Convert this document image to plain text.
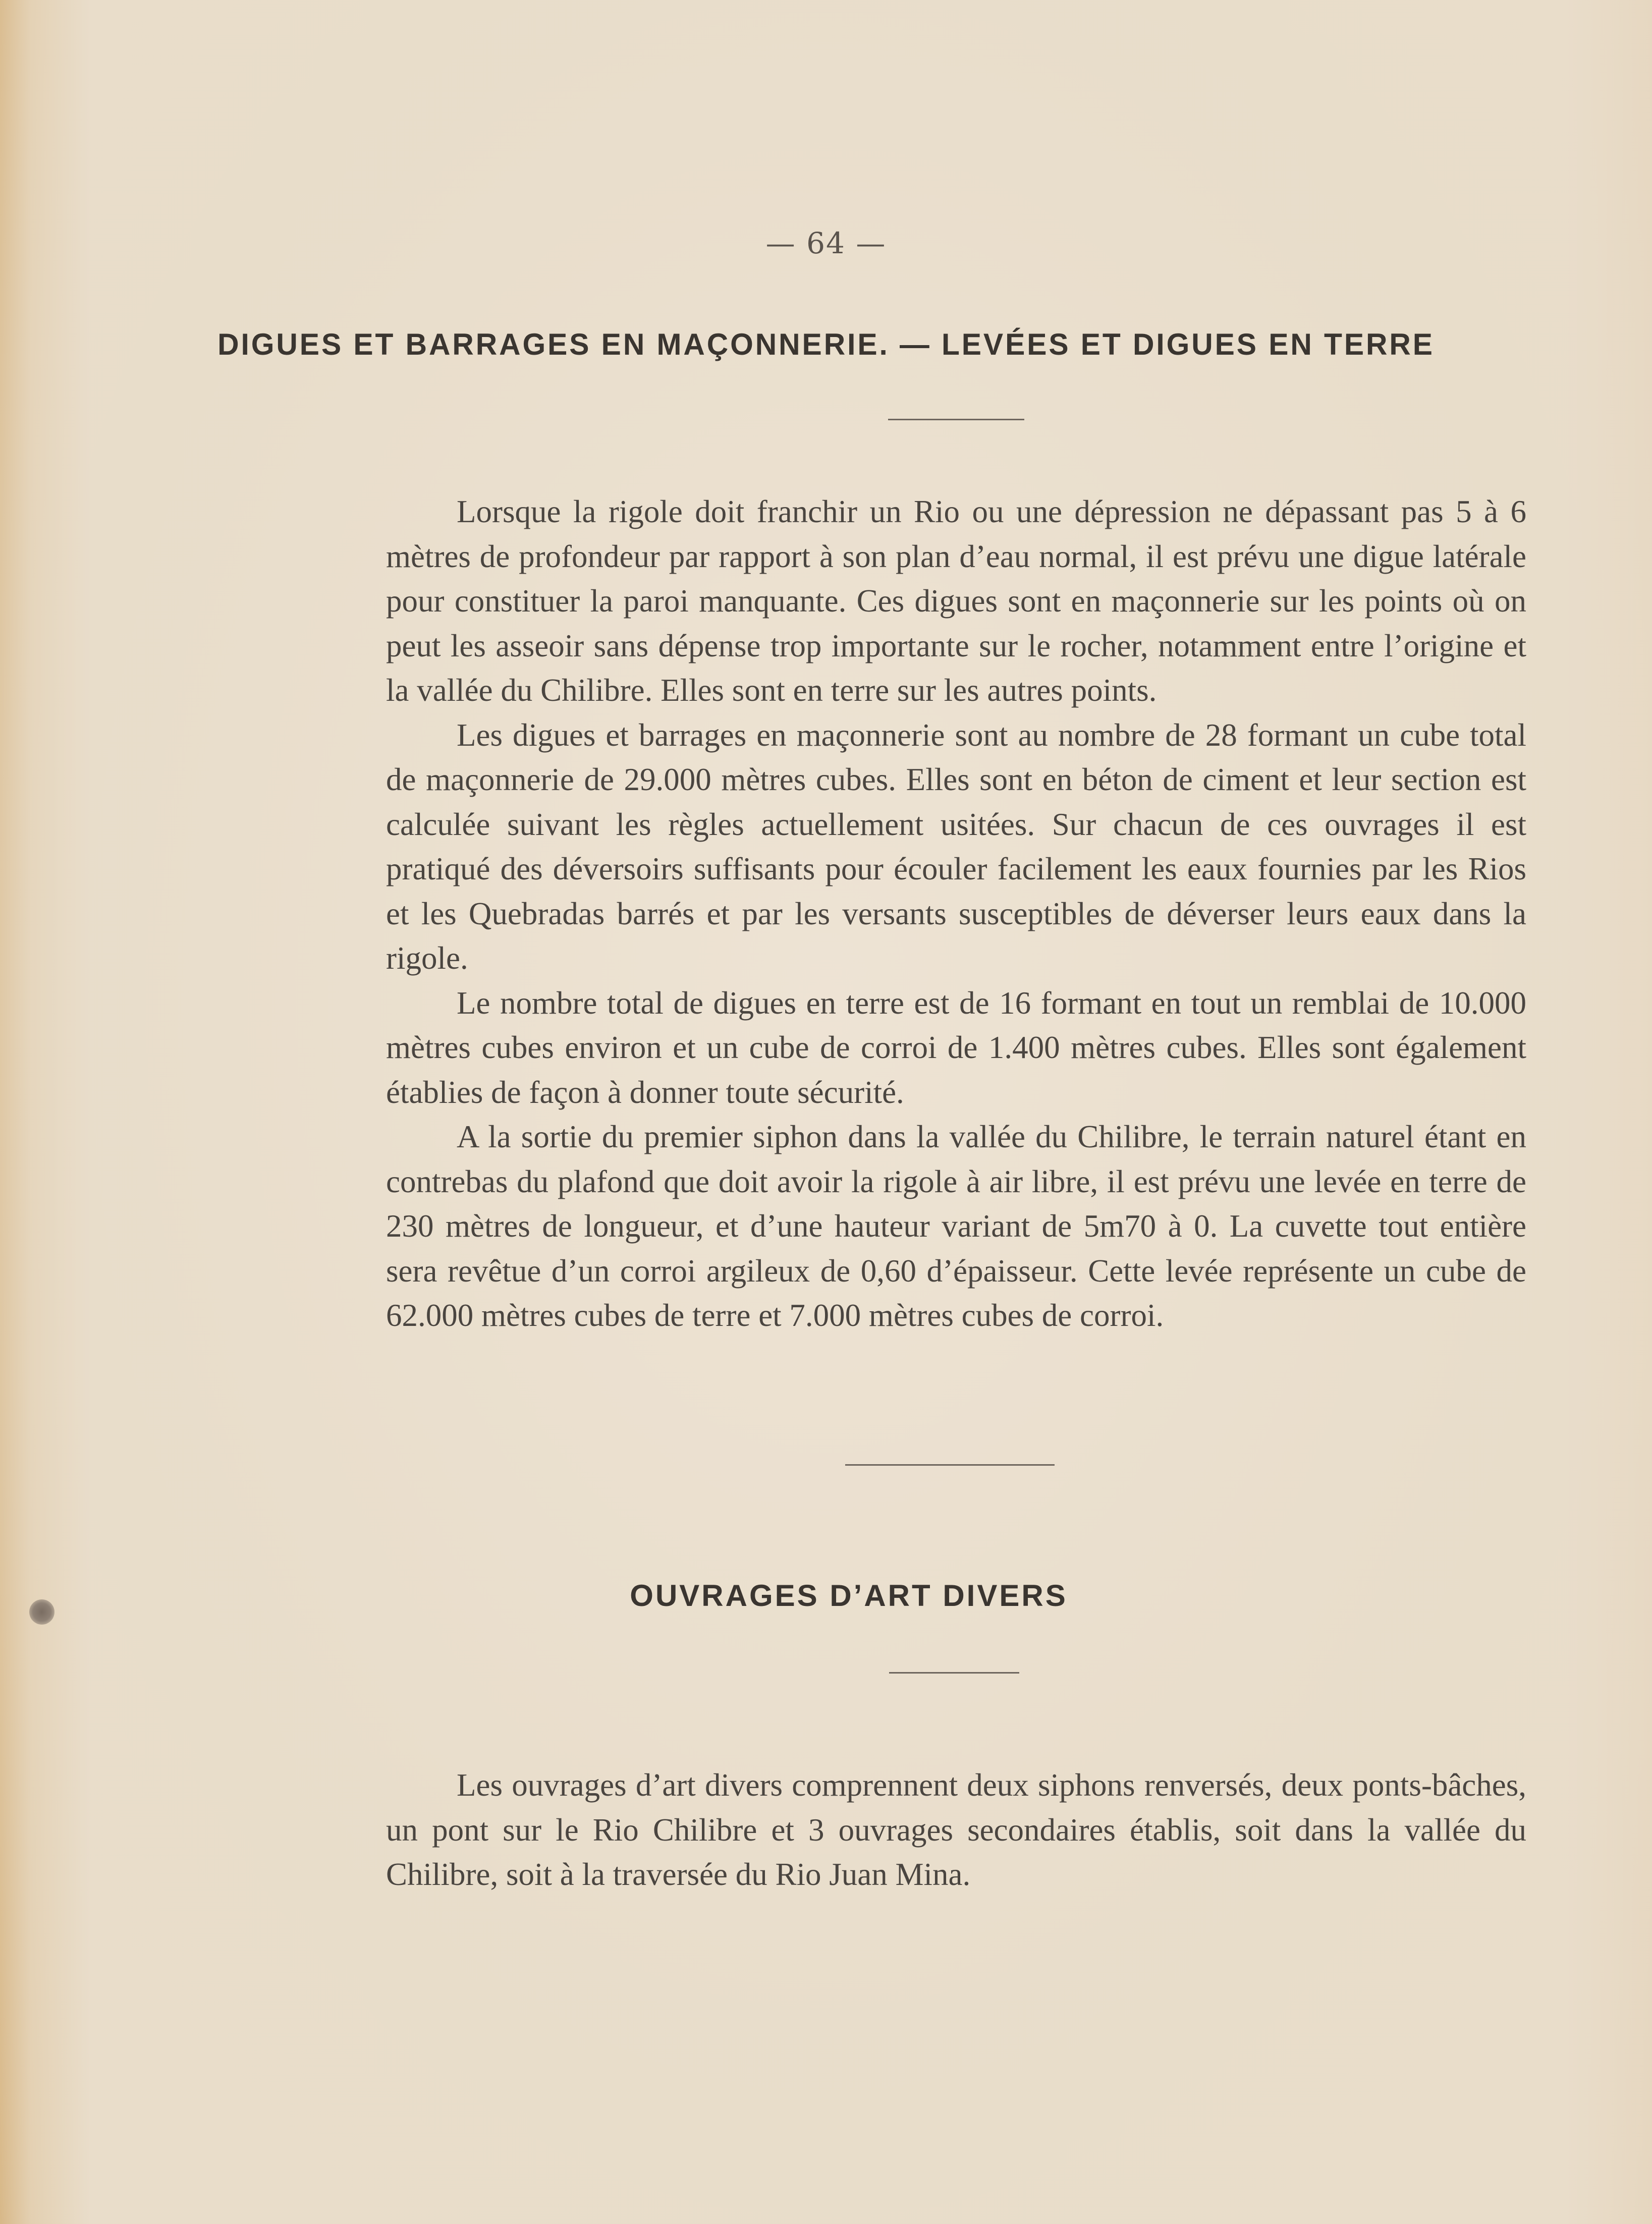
— 64 —
DIGUES ET BARRAGES EN MAÇONNERIE. — LEVÉES ET DIGUES EN TERRE

Lorsque la rigole doit franchir un Rio ou une dépression ne dépassant pas 5 à 6 mètres de profondeur par rapport à son plan d’eau normal, il est prévu une digue latérale pour constituer la paroi manquante. Ces digues sont en maçonnerie sur les points où on peut les asseoir sans dépense trop importante sur le rocher, notamment entre l’origine et la vallée du Chilibre. Elles sont en terre sur les autres points.

Les digues et barrages en maçonnerie sont au nombre de 28 formant un cube total de maçonnerie de 29.000 mètres cubes. Elles sont en béton de ciment et leur section est calculée suivant les règles actuellement usitées. Sur chacun de ces ouvrages il est pratiqué des déversoirs suffisants pour écouler facilement les eaux fournies par les Rios et les Quebradas barrés et par les versants susceptibles de déverser leurs eaux dans la rigole.

Le nombre total de digues en terre est de 16 formant en tout un remblai de 10.000 mètres cubes environ et un cube de corroi de 1.400 mètres cubes. Elles sont également établies de façon à donner toute sécurité.

A la sortie du premier siphon dans la vallée du Chilibre, le terrain naturel étant en contrebas du plafond que doit avoir la rigole à air libre, il est prévu une levée en terre de 230 mètres de longueur, et d’une hauteur variant de 5m70 à 0. La cuvette tout entière sera revêtue d’un corroi argileux de 0,60 d’épaisseur. Cette levée représente un cube de 62.000 mètres cubes de terre et 7.000 mètres cubes de corroi.

OUVRAGES D’ART DIVERS

Les ouvrages d’art divers comprennent deux siphons renversés, deux ponts-bâches, un pont sur le Rio Chilibre et 3 ouvrages secondaires établis, soit dans la vallée du Chilibre, soit à la traversée du Rio Juan Mina.
